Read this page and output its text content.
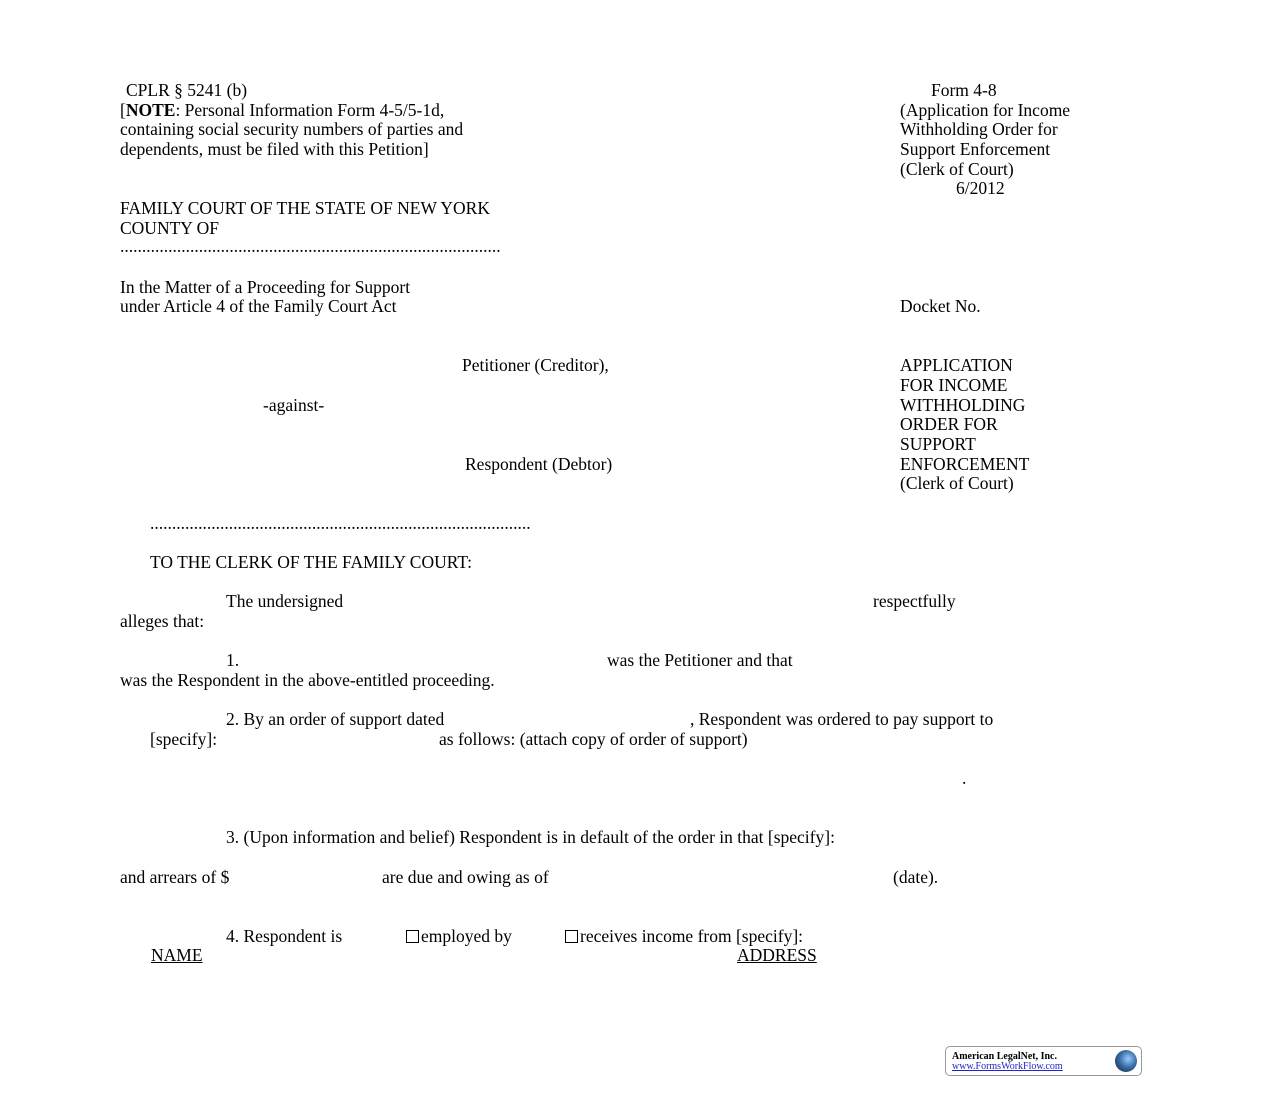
CPLR § 5241 (b)
[NOTE: Personal Information Form 4-5/5-1d,
containing social security numbers of parties and
dependents, must be filed with this Petition]
Form 4-8
(Application for Income
Withholding Order for
Support Enforcement
(Clerk of Court)
6/2012
FAMILY COURT OF THE STATE OF NEW YORK
COUNTY OF
.......................................................................................
In the Matter of a Proceeding for Support
under Article 4 of the Family Court Act	Docket No.
Petitioner (Creditor),
-against-
Respondent (Debtor)
APPLICATION
FOR INCOME
WITHHOLDING
ORDER FOR
SUPPORT
ENFORCEMENT
(Clerk of Court)
.......................................................................................
TO THE CLERK OF THE FAMILY COURT:
The undersigned	respectfully
alleges that:
1.	was the Petitioner and that
was the Respondent in the above-entitled proceeding.
2. By an order of support dated	, Respondent was ordered to pay support to
[specify]:	as follows: (attach copy of order of support)
.
3. (Upon information and belief) Respondent is in default of the order in that [specify]:
and arrears of $	are due and owing as of	(date).
4. Respondent is	employed by	receives income from [specify]:
NAME	ADDRESS
American LegalNet, Inc.
www.FormsWorkFlow.com
